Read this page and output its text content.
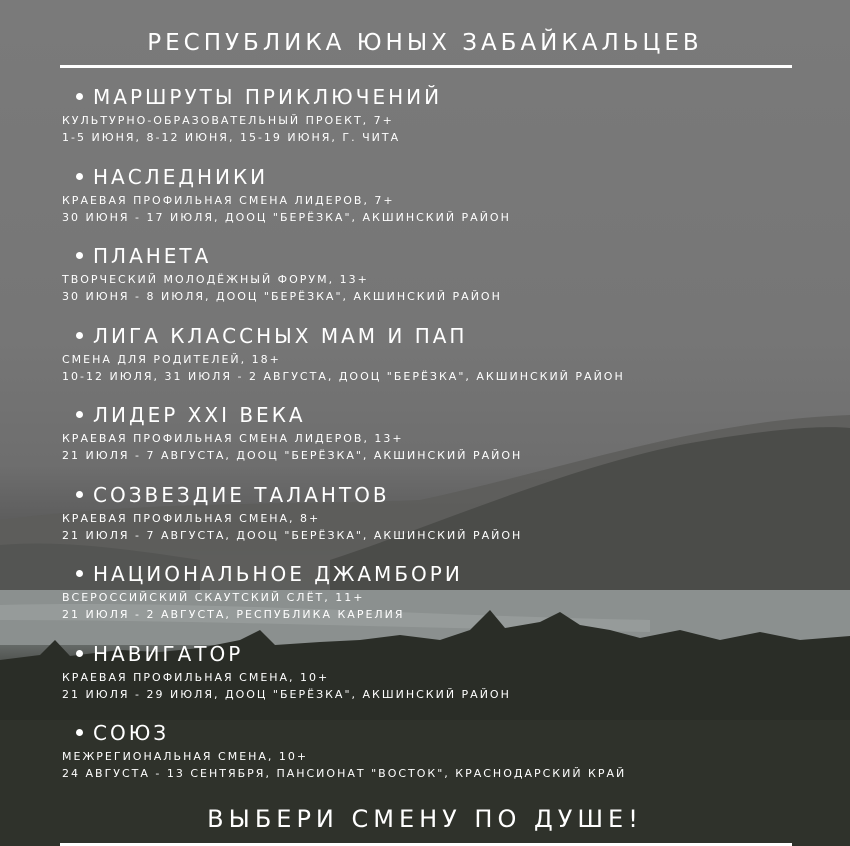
РЕСПУБЛИКА ЮНЫХ ЗАБАЙКАЛЬЦЕВ
МАРШРУТЫ ПРИКЛЮЧЕНИЙ
КУЛЬТУРНО-ОБРАЗОВАТЕЛЬНЫЙ ПРОЕКТ, 7+
1-5 ИЮНЯ, 8-12 ИЮНЯ, 15-19 ИЮНЯ, Г. ЧИТА
НАСЛЕДНИКИ
КРАЕВАЯ ПРОФИЛЬНАЯ СМЕНА ЛИДЕРОВ, 7+
30 ИЮНЯ - 17 ИЮЛЯ, ДООЦ "БЕРЁЗКА", АКШИНСКИЙ РАЙОН
ПЛАНЕТА
ТВОРЧЕСКИЙ МОЛОДЁЖНЫЙ ФОРУМ, 13+
30 ИЮНЯ - 8 ИЮЛЯ, ДООЦ "БЕРЁЗКА", АКШИНСКИЙ РАЙОН
ЛИГА КЛАССНЫХ МАМ И ПАП
СМЕНА ДЛЯ РОДИТЕЛЕЙ, 18+
10-12 ИЮЛЯ, 31 ИЮЛЯ - 2 АВГУСТА, ДООЦ "БЕРЁЗКА", АКШИНСКИЙ РАЙОН
ЛИДЕР XXI ВЕКА
КРАЕВАЯ ПРОФИЛЬНАЯ СМЕНА ЛИДЕРОВ, 13+
21 ИЮЛЯ - 7 АВГУСТА, ДООЦ "БЕРЁЗКА", АКШИНСКИЙ РАЙОН
СОЗВЕЗДИЕ ТАЛАНТОВ
КРАЕВАЯ ПРОФИЛЬНАЯ СМЕНА, 8+
21 ИЮЛЯ - 7 АВГУСТА, ДООЦ "БЕРЁЗКА", АКШИНСКИЙ РАЙОН
НАЦИОНАЛЬНОЕ ДЖАМБОРИ
ВСЕРОССИЙСКИЙ СКАУТСКИЙ СЛЁТ, 11+
21 ИЮЛЯ - 2 АВГУСТА, РЕСПУБЛИКА КАРЕЛИЯ
НАВИГАТОР
КРАЕВАЯ ПРОФИЛЬНАЯ СМЕНА, 10+
21 ИЮЛЯ - 29 ИЮЛЯ, ДООЦ "БЕРЁЗКА", АКШИНСКИЙ РАЙОН
СОЮЗ
МЕЖРЕГИОНАЛЬНАЯ СМЕНА, 10+
24 АВГУСТА - 13 СЕНТЯБРЯ, ПАНСИОНАТ "ВОСТОК", КРАСНОДАРСКИЙ КРАЙ
ВЫБЕРИ СМЕНУ ПО ДУШЕ!
